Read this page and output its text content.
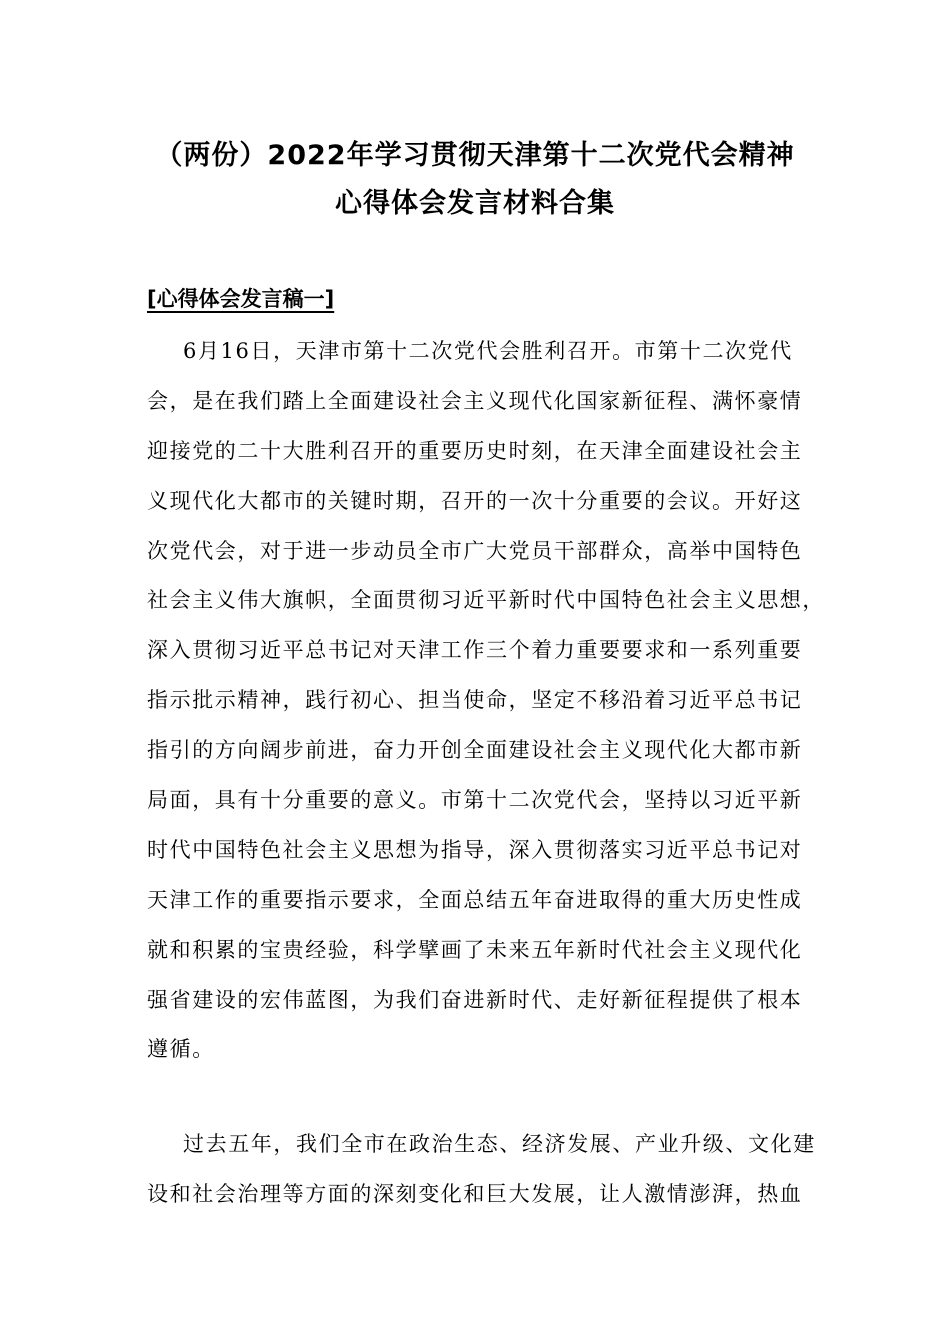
（两份）2022年学习贯彻天津第十二次党代会精神
心得体会发言材料合集
[心得体会发言稿一]
6月16日，天津市第十二次党代会胜利召开。市第十二次党代
会，是在我们踏上全面建设社会主义现代化国家新征程、满怀豪情
迎接党的二十大胜利召开的重要历史时刻，在天津全面建设社会主
义现代化大都市的关键时期，召开的一次十分重要的会议。开好这
次党代会，对于进一步动员全市广大党员干部群众，高举中国特色
社会主义伟大旗帜，全面贯彻习近平新时代中国特色社会主义思想，
深入贯彻习近平总书记对天津工作三个着力重要要求和一系列重要
指示批示精神，践行初心、担当使命，坚定不移沿着习近平总书记
指引的方向阔步前进，奋力开创全面建设社会主义现代化大都市新
局面，具有十分重要的意义。市第十二次党代会，坚持以习近平新
时代中国特色社会主义思想为指导，深入贯彻落实习近平总书记对
天津工作的重要指示要求，全面总结五年奋进取得的重大历史性成
就和积累的宝贵经验，科学擘画了未来五年新时代社会主义现代化
强省建设的宏伟蓝图，为我们奋进新时代、走好新征程提供了根本
遵循。
过去五年，我们全市在政治生态、经济发展、产业升级、文化建
设和社会治理等方面的深刻变化和巨大发展，让人激情澎湃，热血
